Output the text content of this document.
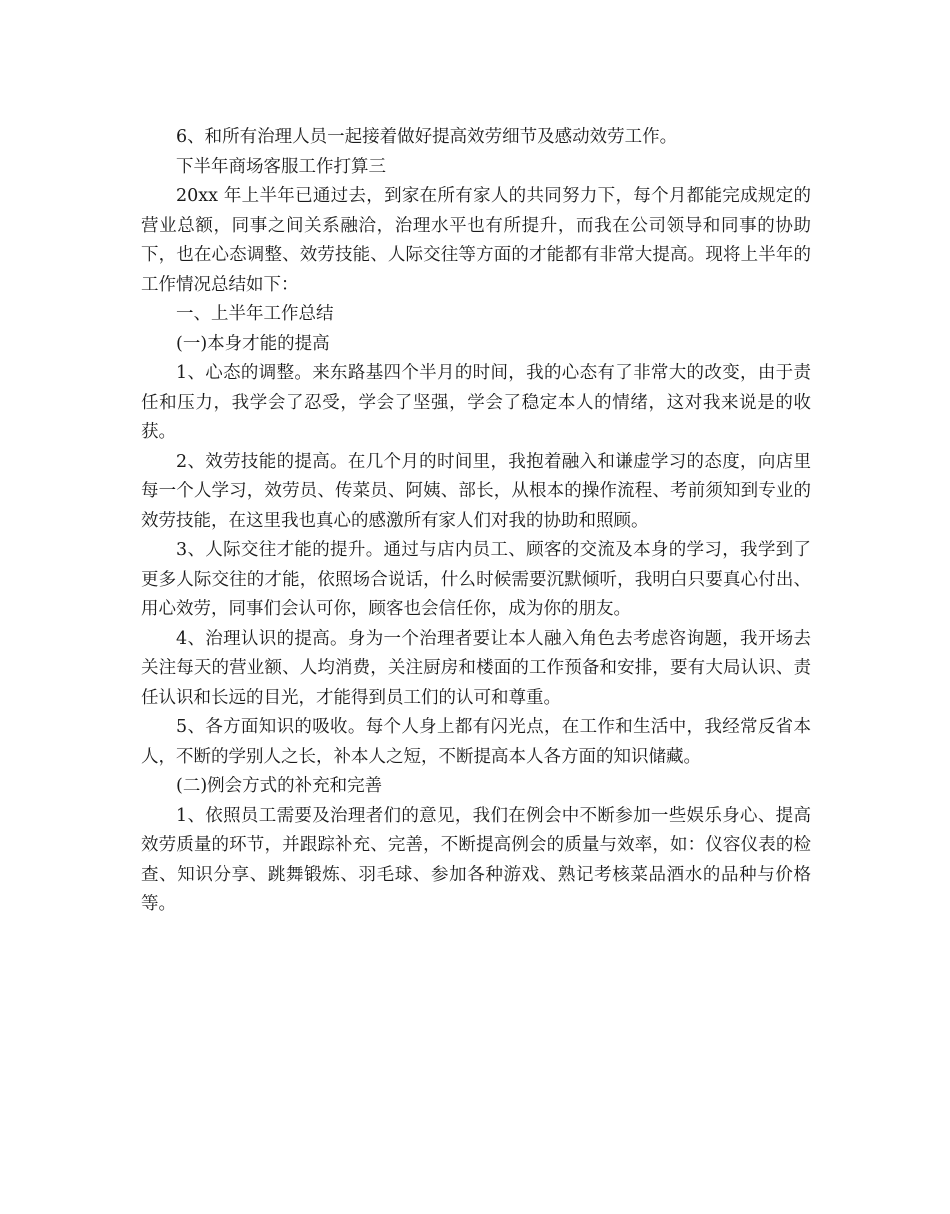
6、和所有治理人员一起接着做好提高效劳细节及感动效劳工作。

下半年商场客服工作打算三

20xx 年上半年已通过去，到家在所有家人的共同努力下，每个月都能完成规定的营业总额，同事之间关系融洽，治理水平也有所提升，而我在公司领导和同事的协助下，也在心态调整、效劳技能、人际交往等方面的才能都有非常大提高。现将上半年的工作情况总结如下：

一、上半年工作总结

(一)本身才能的提高

1、心态的调整。来东路基四个半月的时间，我的心态有了非常大的改变，由于责任和压力，我学会了忍受，学会了坚强，学会了稳定本人的情绪，这对我来说是的收获。

2、效劳技能的提高。在几个月的时间里，我抱着融入和谦虚学习的态度，向店里每一个人学习，效劳员、传菜员、阿姨、部长，从根本的操作流程、考前须知到专业的效劳技能，在这里我也真心的感激所有家人们对我的协助和照顾。

3、人际交往才能的提升。通过与店内员工、顾客的交流及本身的学习，我学到了更多人际交往的才能，依照场合说话，什么时候需要沉默倾听，我明白只要真心付出、用心效劳，同事们会认可你，顾客也会信任你，成为你的朋友。

4、治理认识的提高。身为一个治理者要让本人融入角色去考虑咨询题，我开场去关注每天的营业额、人均消费，关注厨房和楼面的工作预备和安排，要有大局认识、责任认识和长远的目光，才能得到员工们的认可和尊重。

5、各方面知识的吸收。每个人身上都有闪光点，在工作和生活中，我经常反省本人，不断的学别人之长，补本人之短，不断提高本人各方面的知识储藏。

(二)例会方式的补充和完善

1、依照员工需要及治理者们的意见，我们在例会中不断参加一些娱乐身心、提高效劳质量的环节，并跟踪补充、完善，不断提高例会的质量与效率，如：仪容仪表的检查、知识分享、跳舞锻炼、羽毛球、参加各种游戏、熟记考核菜品酒水的品种与价格等。
